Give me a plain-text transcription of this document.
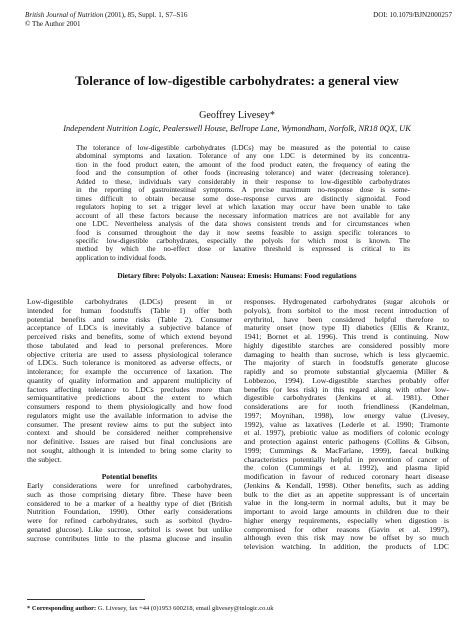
British Journal of Nutrition (2001), 85, Suppl. 1, S7–S16
© The Author 2001
DOI: 10.1079/BJN2000257
Tolerance of low-digestible carbohydrates: a general view
Geoffrey Livesey*
Independent Nutrition Logic, Pealerswell House, Bellrope Lane, Wymondham, Norfolk, NR18 0QX, UK
The tolerance of low-digestible carbohydrates (LDCs) may be measured as the potential to cause
abdominal symptoms and laxation. Tolerance of any one LDC is determined by its concentra-
tion in the food product eaten, the amount of the food product eaten, the frequency of eating the
food and the consumption of other foods (increasing tolerance) and water (decreasing tolerance).
Added to these, individuals vary considerably in their response to low-digestible carbohydrates
in the reporting of gastrointestinal symptoms. A precise maximum no-response dose is some-
times difficult to obtain because some dose–response curves are distinctly sigmoidal. Food
regulators hoping to set a trigger level at which laxation may occur have been unable to take
account of all these factors because the necessary information matrices are not available for any
one LDC. Nevertheless analysis of the data shows consistent trends and for circumstances when
food is consumed throughout the day it now seems feasible to assign specific tolerances to
specific low-digestible carbohydrates, especially the polyols for which most is known. The
method by which the no-effect dose or laxative threshold is expressed is critical to its
application to individual foods.
Dietary fibre: Polyols: Laxation: Nausea: Emesis: Humans: Food regulations
Low-digestible carbohydrates (LDCs) present in or
intended for human foodstuffs (Table 1) offer both
potential benefits and some risks (Table 2). Consumer
acceptance of LDCs is inevitably a subjective balance of
perceived risks and benefits, some of which extend beyond
those tabulated and lead to personal preferences. More
objective criteria are used to assess physiological tolerance
of LDCs. Such tolerance is monitored as adverse effects, or
intolerance; for example the occurrence of laxation. The
quantity of quality information and apparent multiplicity of
factors affecting tolerance to LDCs precludes more than
semiquantitative predictions about the extent to which
consumers respond to them physiologically and how food
regulators might use the available information to advise the
consumer. The present review aims to put the subject into
context and should be considered neither comprehensive
nor definitive. Issues are raised but final conclusions are
not sought, although it is intended to bring some clarity to
the subject.
Potential benefits
Early considerations were for unrefined carbohydrates,
such as those comprising dietary fibre. These have been
considered to be a marker of a healthy type of diet (British
Nutrition Foundation, 1990). Other early considerations
were for refined carbohydrates, such as sorbitol (hydro-
genated glucose). Like sucrose, sorbitol is sweet but unlike
sucrose contributes little to the plasma glucose and insulin
responses. Hydrogenated carbohydrates (sugar alcohols or
polyols), from sorbitol to the most recent introduction of
erythritol, have been considered helpful therefore to
maturity onset (now type II) diabetics (Ellis & Krantz,
1941; Bornet et al. 1996). This trend is continuing. Now
highly digestible starches are considered possibly more
damaging to health than sucrose, which is less glycaemic.
The majority of starch in foodstuffs generate glucose
rapidly and so promote substantial glycaemia (Miller &
Lobbezoo, 1994). Low-digestible starches probably offer
benefits (or less risk) in this regard along with other low-
digestible carbohydrates (Jenkins et al. 1981). Other
considerations are for tooth friendliness (Kandelman,
1997; Moynihan, 1998), low energy value (Livesey,
1992), value as laxatives (Lederle et al. 1990; Tramonte
et al. 1997), prebiotic value as modifiers of colonic ecology
and protection against enteric pathogens (Collins & Gibson,
1999; Cummings & MacFarlane, 1999), faecal bulking
characteristics potentially helpful in prevention of cancer of
the colon (Cummings et al. 1992), and plasma lipid
modification in favour of reduced coronary heart disease
(Jenkins & Kendall, 1998). Other benefits, such as adding
bulk to the diet as an appetite suppressant is of uncertain
value in the long-term in normal adults, but it may be
important to avoid large amounts in children due to their
higher energy requirements, especially when digestion is
compromised for other reasons (Gavin et al. 1997),
although even this risk may now be offset by so much
television watching. In addition, the products of LDC
* Corresponding author: G. Livesey, fax +44 (0)1953 600218, email glivesey@inlogic.co.uk
